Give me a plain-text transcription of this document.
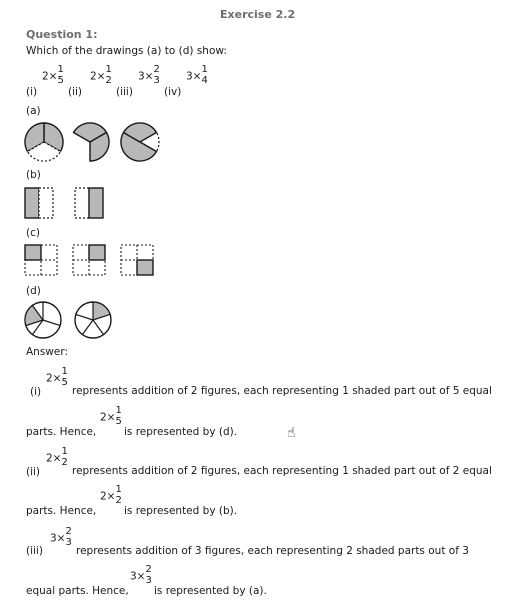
Exercise 2.2
Question 1:
Which of the drawings (a) to (d) show:
(i)
2×
1
5
(ii)
2×
1
2
(iii)
3×
2
3
(iv)
3×
1
4
(a)
(b)
(c)
(d)
Answer:
2×
1
5
(i)	represents addition of 2 figures, each representing 1 shaded part out of 5 equal
parts. Hence,
2×
1
5
is represented by (d).	☝
2×
1
2
(ii)	represents addition of 2 figures, each representing 1 shaded part out of 2 equal
parts. Hence,
2×
1
2
is represented by (b).
3×
2
3
(iii)	represents addition of 3 figures, each representing 2 shaded parts out of 3
equal parts. Hence,
3×
2
3
is represented by (a).
